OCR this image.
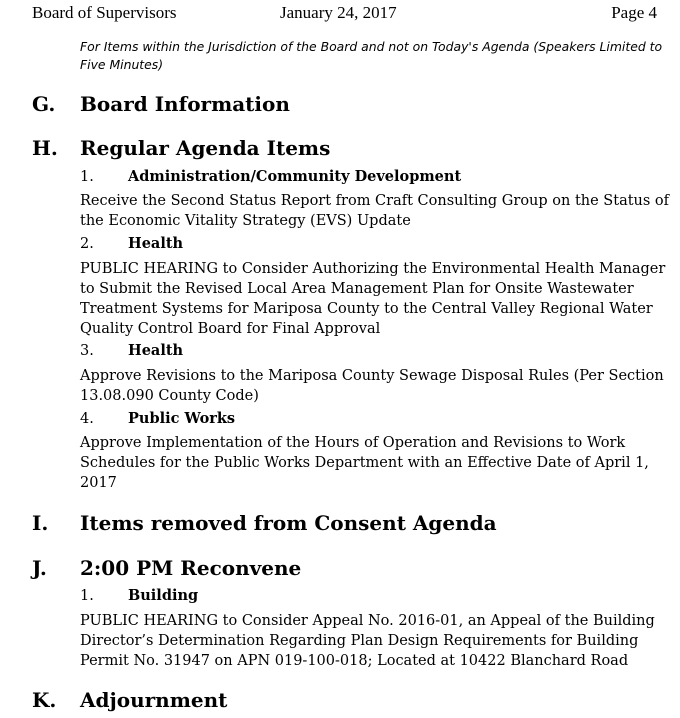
Board of Supervisors	January 24, 2017	Page 4
For Items within the Jurisdiction of the Board and not on Today's Agenda (Speakers Limited to Five Minutes)
G. Board Information
H. Regular Agenda Items
1. Administration/Community Development
Receive the Second Status Report from Craft Consulting Group on the Status of the Economic Vitality Strategy (EVS) Update
2. Health
PUBLIC HEARING to Consider Authorizing the Environmental Health Manager to Submit the Revised Local Area Management Plan for Onsite Wastewater Treatment Systems for Mariposa County to the Central Valley Regional Water Quality Control Board for Final Approval
3. Health
Approve Revisions to the Mariposa County Sewage Disposal Rules (Per Section 13.08.090 County Code)
4. Public Works
Approve Implementation of the Hours of Operation and Revisions to Work Schedules for the Public Works Department with an Effective Date of April 1, 2017
I. Items removed from Consent Agenda
J. 2:00 PM Reconvene
1. Building
PUBLIC HEARING to Consider Appeal No. 2016-01, an Appeal of the Building Director’s Determination Regarding Plan Design Requirements for Building Permit No. 31947 on APN 019-100-018; Located at 10422 Blanchard Road
K. Adjournment
